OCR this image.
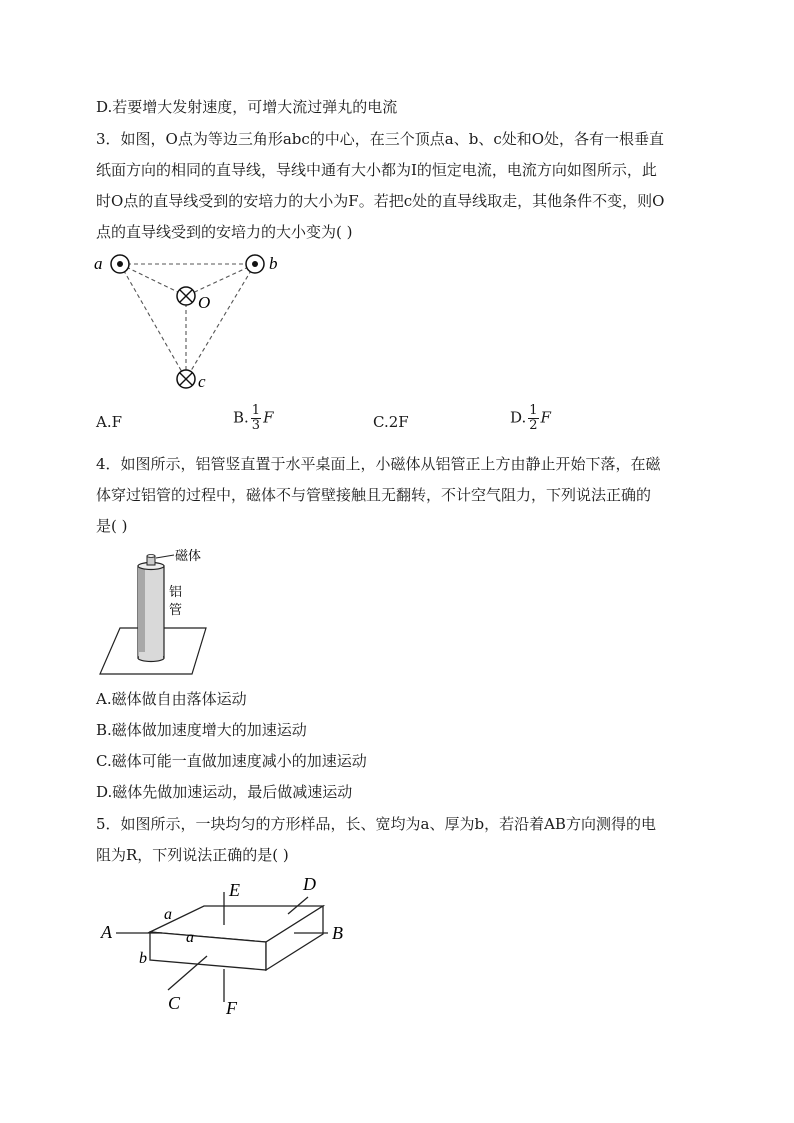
D.若要增大发射速度，可增大流过弹丸的电流
3．如图，O点为等边三角形abc的中心，在三个顶点a、b、c处和O处，各有一根垂直
纸面方向的相同的直导线，导线中通有大小都为I的恒定电流，电流方向如图所示，此
时O点的直导线受到的安培力的大小为F。若把c处的直导线取走，其他条件不变，则O
点的直导线受到的安培力的大小变为( )
a	b
O
c
A.F	B. $\frac{1}{3}$ F	C.2F	D. $\frac{1}{2}$ F
4．如图所示，铝管竖直置于水平桌面上，小磁体从铝管正上方由静止开始下落，在磁
体穿过铝管的过程中，磁体不与管壁接触且无翻转，不计空气阻力，下列说法正确的
是( )
磁体
铝
管
A.磁体做自由落体运动
B.磁体做加速度增大的加速运动
C.磁体可能一直做加速度减小的加速运动
D.磁体先做加速运动，最后做减速运动
5．如图所示，一块均匀的方形样品，长、宽均为a、厚为b，若沿着AB方向测得的电
阻为R，下列说法正确的是( )
A	B
C
D
E
F
a
a
b
